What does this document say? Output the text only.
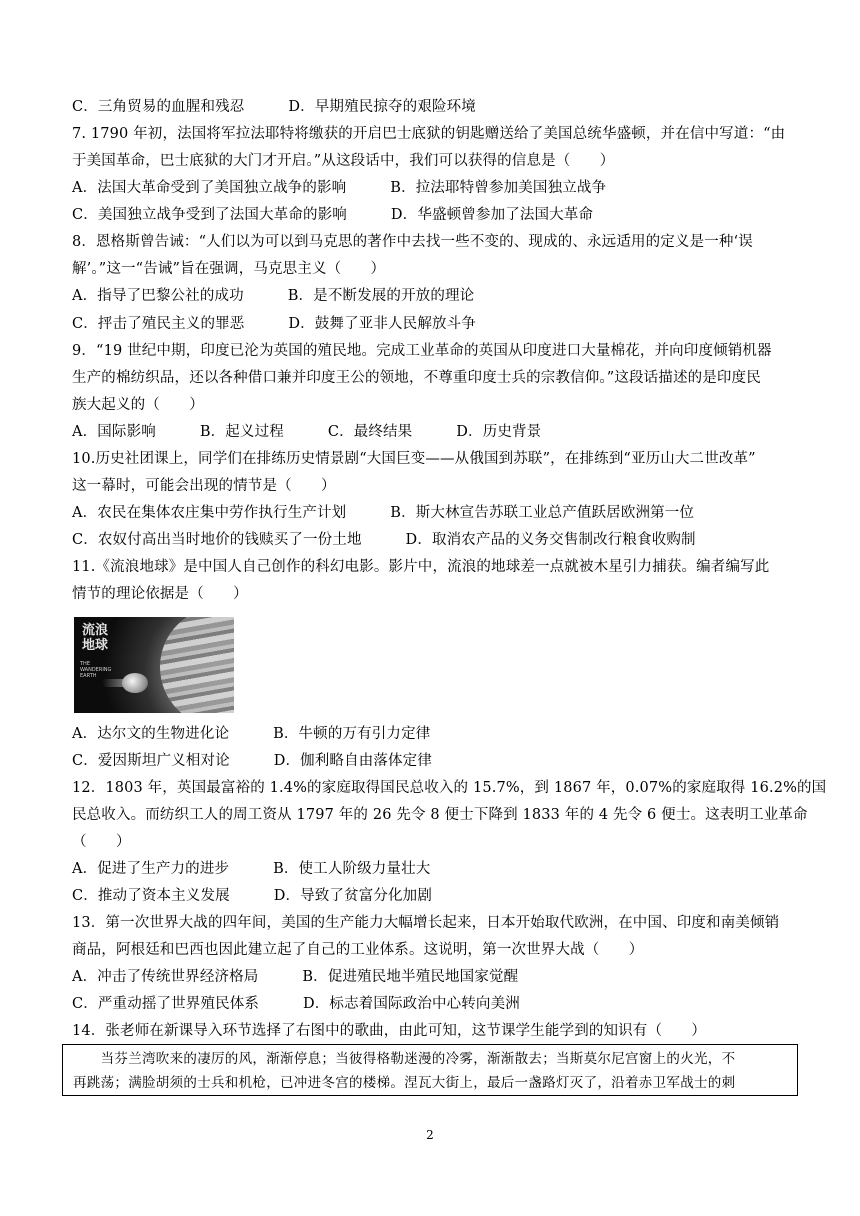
C．三角贸易的血腥和残忍　　　D．早期殖民掠夺的艰险环境
7. 1790 年初，法国将军拉法耶特将缴获的开启巴士底狱的钥匙赠送给了美国总统华盛顿，并在信中写道：“由
于美国革命，巴士底狱的大门才开启。”从这段话中，我们可以获得的信息是（　　）
A．法国大革命受到了美国独立战争的影响　　　B．拉法耶特曾参加美国独立战争
C．美国独立战争受到了法国大革命的影响　　　D．华盛顿曾参加了法国大革命
8．恩格斯曾告诫：“人们以为可以到马克思的著作中去找一些不变的、现成的、永远适用的定义是一种‘误
解’。”这一“告诫”旨在强调，马克思主义（　　）
A．指导了巴黎公社的成功　　　B．是不断发展的开放的理论
C．抨击了殖民主义的罪恶　　　D．鼓舞了亚非人民解放斗争
9．“19 世纪中期，印度已沦为英国的殖民地。完成工业革命的英国从印度进口大量棉花，并向印度倾销机器
生产的棉纺织品，还以各种借口兼并印度王公的领地，不尊重印度士兵的宗教信仰。”这段话描述的是印度民
族大起义的（　　）
A．国际影响　　　B．起义过程　　　C．最终结果　　　D．历史背景
10.历史社团课上，同学们在排练历史情景剧“大国巨变——从俄国到苏联”，在排练到“亚历山大二世改革”
这一幕时，可能会出现的情节是（　　）
A．农民在集体农庄集中劳作执行生产计划　　　B．斯大林宣告苏联工业总产值跃居欧洲第一位
C．农奴付高出当时地价的钱赎买了一份土地　　　D．取消农产品的义务交售制改行粮食收购制
11.《流浪地球》是中国人自己创作的科幻电影。影片中，流浪的地球差一点就被木星引力捕获。编者编写此
情节的理论依据是（　　）
流浪地球
THE WANDERING EARTH
A．达尔文的生物进化论　　　B．牛顿的万有引力定律
C．爱因斯坦广义相对论　　　D．伽利略自由落体定律
12．1803 年，英国最富裕的 1.4%的家庭取得国民总收入的 15.7%，到 1867 年，0.07%的家庭取得 16.2%的国
民总收入。而纺织工人的周工资从 1797 年的 26 先令 8 便士下降到 1833 年的 4 先令 6 便士。这表明工业革命
（　　）
A．促进了生产力的进步　　　B．使工人阶级力量壮大
C．推动了资本主义发展　　　D．导致了贫富分化加剧
13．第一次世界大战的四年间，美国的生产能力大幅增长起来，日本开始取代欧洲，在中国、印度和南美倾销
商品，阿根廷和巴西也因此建立起了自己的工业体系。这说明，第一次世界大战（　　）
A．冲击了传统世界经济格局　　　B．促进殖民地半殖民地国家觉醒
C．严重动摇了世界殖民体系　　　D．标志着国际政治中心转向美洲
14．张老师在新课导入环节选择了右图中的歌曲，由此可知，这节课学生能学到的知识有（　　）
　　当芬兰湾吹来的凄厉的风，渐渐停息；当彼得格勒迷漫的冷雾，渐渐散去；当斯莫尔尼宫窗上的火光，不
再跳荡；满脸胡须的士兵和机枪，已冲进冬宫的楼梯。涅瓦大街上，最后一盏路灯灭了，沿着赤卫军战士的刺
2
